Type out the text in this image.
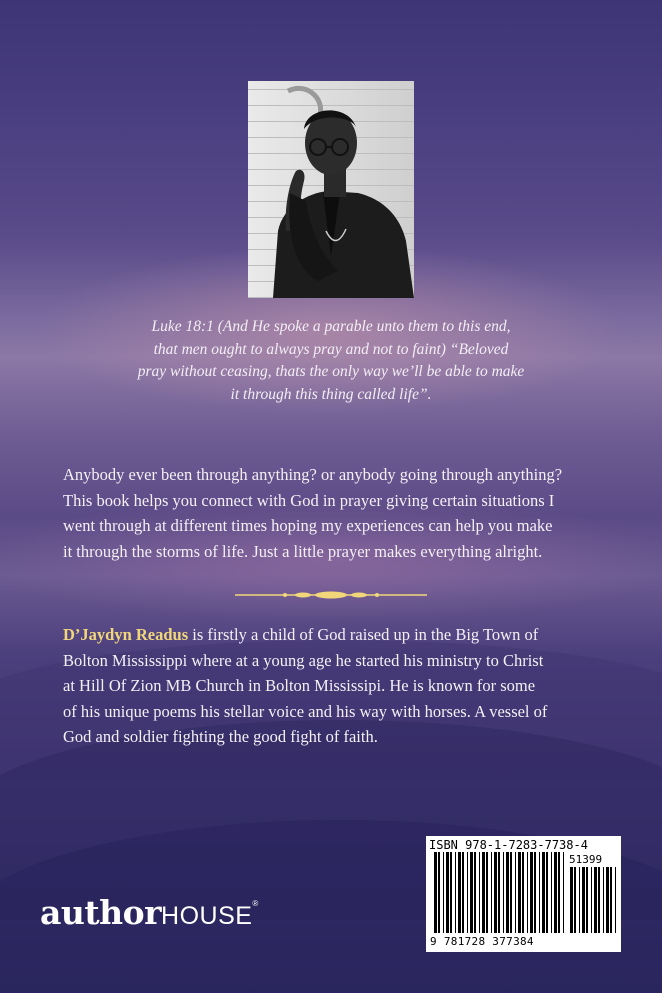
Luke 18:1 (And He spoke a parable unto them to this end,
that men ought to always pray and not to faint) “Beloved
pray without ceasing, thats the only way we’ll be able to make
it through this thing called life”.

Anybody ever been through anything? or anybody going through anything?
This book helps you connect with God in prayer giving certain situations I
went through at different times hoping my experiences can help you make
it through the storms of life. Just a little prayer makes everything alright.

D’Jaydyn Readus is firstly a child of God raised up in the Big Town of
Bolton Mississippi where at a young age he started his ministry to Christ
at Hill Of Zion MB Church in Bolton Mississipi. He is known for some
of his unique poems his stellar voice and his way with horses. A vessel of
God and soldier fighting the good fight of faith.

authorHOUSE®
ISBN 978-1-7283-7738-4
51399
9 781728 377384
